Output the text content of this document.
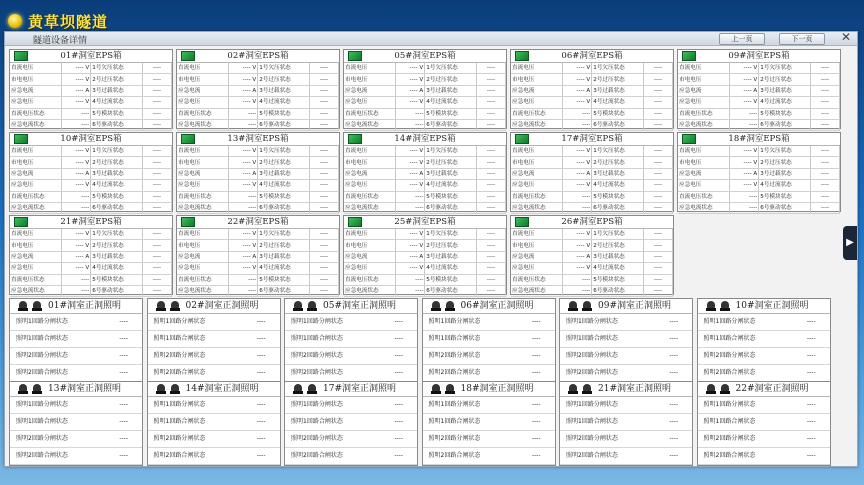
黄草坝隧道
隧道设备详情	上一页	下一页	✕
01#洞室EPS箱
直流电压	---- V	1号欠压状态	----
市电电压	---- V	2号过压状态	----
应急电流	---- A	3号过载状态	----
应急电压	---- V	4号过流状态	----
直流电压状态	----	5号模块状态	----
应急电流状态	----	6号驱动状态	----
02#洞室EPS箱
直流电压	---- V	1号欠压状态	----
市电电压	---- V	2号过压状态	----
应急电流	---- A	3号过载状态	----
应急电压	---- V	4号过流状态	----
直流电压状态	----	5号模块状态	----
应急电流状态	----	6号驱动状态	----
05#洞室EPS箱
直流电压	---- V	1号欠压状态	----
市电电压	---- V	2号过压状态	----
应急电流	---- A	3号过载状态	----
应急电压	---- V	4号过流状态	----
直流电压状态	----	5号模块状态	----
应急电流状态	----	6号驱动状态	----
06#洞室EPS箱
直流电压	---- V	1号欠压状态	----
市电电压	---- V	2号过压状态	----
应急电流	---- A	3号过载状态	----
应急电压	---- V	4号过流状态	----
直流电压状态	----	5号模块状态	----
应急电流状态	----	6号驱动状态	----
09#洞室EPS箱
直流电压	---- V	1号欠压状态	----
市电电压	---- V	2号过压状态	----
应急电流	---- A	3号过载状态	----
应急电压	---- V	4号过流状态	----
直流电压状态	----	5号模块状态	----
应急电流状态	----	6号驱动状态	----
10#洞室EPS箱
直流电压	---- V	1号欠压状态	----
市电电压	---- V	2号过压状态	----
应急电流	---- A	3号过载状态	----
应急电压	---- V	4号过流状态	----
直流电压状态	----	5号模块状态	----
应急电流状态	----	6号驱动状态	----
13#洞室EPS箱
直流电压	---- V	1号欠压状态	----
市电电压	---- V	2号过压状态	----
应急电流	---- A	3号过载状态	----
应急电压	---- V	4号过流状态	----
直流电压状态	----	5号模块状态	----
应急电流状态	----	6号驱动状态	----
14#洞室EPS箱
直流电压	---- V	1号欠压状态	----
市电电压	---- V	2号过压状态	----
应急电流	---- A	3号过载状态	----
应急电压	---- V	4号过流状态	----
直流电压状态	----	5号模块状态	----
应急电流状态	----	6号驱动状态	----
17#洞室EPS箱
直流电压	---- V	1号欠压状态	----
市电电压	---- V	2号过压状态	----
应急电流	---- A	3号过载状态	----
应急电压	---- V	4号过流状态	----
直流电压状态	----	5号模块状态	----
应急电流状态	----	6号驱动状态	----
18#洞室EPS箱
直流电压	---- V	1号欠压状态	----
市电电压	---- V	2号过压状态	----
应急电流	---- A	3号过载状态	----
应急电压	---- V	4号过流状态	----
直流电压状态	----	5号模块状态	----
应急电流状态	----	6号驱动状态	----
21#洞室EPS箱
直流电压	---- V	1号欠压状态	----
市电电压	---- V	2号过压状态	----
应急电流	---- A	3号过载状态	----
应急电压	---- V	4号过流状态	----
直流电压状态	----	5号模块状态	----
应急电流状态	----	6号驱动状态	----
22#洞室EPS箱
直流电压	---- V	1号欠压状态	----
市电电压	---- V	2号过压状态	----
应急电流	---- A	3号过载状态	----
应急电压	---- V	4号过流状态	----
直流电压状态	----	5号模块状态	----
应急电流状态	----	6号驱动状态	----
25#洞室EPS箱
直流电压	---- V	1号欠压状态	----
市电电压	---- V	2号过压状态	----
应急电流	---- A	3号过载状态	----
应急电压	---- V	4号过流状态	----
直流电压状态	----	5号模块状态	----
应急电流状态	----	6号驱动状态	----
26#洞室EPS箱
直流电压	---- V	1号欠压状态	----
市电电压	---- V	2号过压状态	----
应急电流	---- A	3号过载状态	----
应急电压	---- V	4号过流状态	----
直流电压状态	----	5号模块状态	----
应急电流状态	----	6号驱动状态	----
01#洞室正洞照明
照明1回路分闸状态	----
照明1回路合闸状态	----
照明2回路分闸状态	----
照明2回路合闸状态	----
02#洞室正洞照明
照明1回路分闸状态	----
照明1回路合闸状态	----
照明2回路分闸状态	----
照明2回路合闸状态	----
05#洞室正洞照明
照明1回路分闸状态	----
照明1回路合闸状态	----
照明2回路分闸状态	----
照明2回路合闸状态	----
06#洞室正洞照明
照明1回路分闸状态	----
照明1回路合闸状态	----
照明2回路分闸状态	----
照明2回路合闸状态	----
09#洞室正洞照明
照明1回路分闸状态	----
照明1回路合闸状态	----
照明2回路分闸状态	----
照明2回路合闸状态	----
10#洞室正洞照明
照明1回路分闸状态	----
照明1回路合闸状态	----
照明2回路分闸状态	----
照明2回路合闸状态	----
13#洞室正洞照明
照明1回路分闸状态	----
照明1回路合闸状态	----
照明2回路分闸状态	----
照明2回路合闸状态	----
14#洞室正洞照明
照明1回路分闸状态	----
照明1回路合闸状态	----
照明2回路分闸状态	----
照明2回路合闸状态	----
17#洞室正洞照明
照明1回路分闸状态	----
照明1回路合闸状态	----
照明2回路分闸状态	----
照明2回路合闸状态	----
18#洞室正洞照明
照明1回路分闸状态	----
照明1回路合闸状态	----
照明2回路分闸状态	----
照明2回路合闸状态	----
21#洞室正洞照明
照明1回路分闸状态	----
照明1回路合闸状态	----
照明2回路分闸状态	----
照明2回路合闸状态	----
22#洞室正洞照明
照明1回路分闸状态	----
照明1回路合闸状态	----
照明2回路分闸状态	----
照明2回路合闸状态	----
▶
